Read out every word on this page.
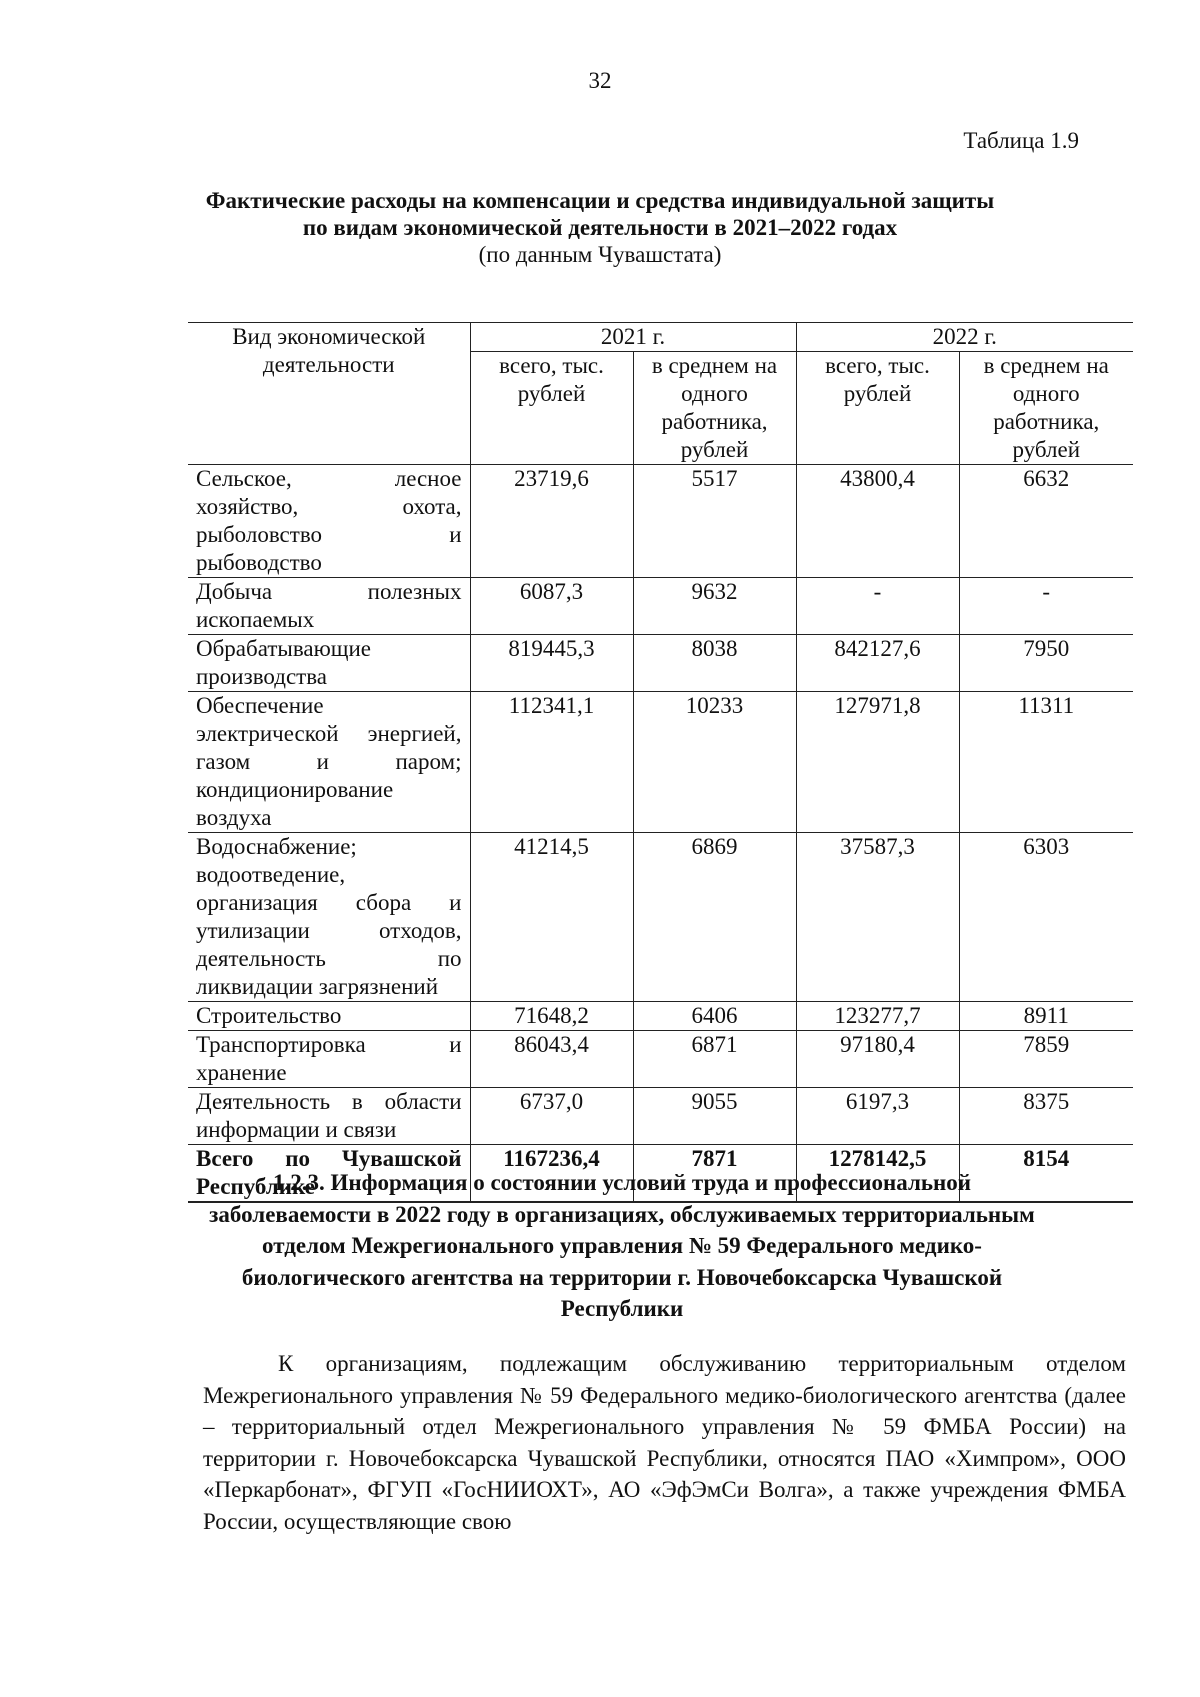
32
Таблица 1.9
Фактические расходы на компенсации и средства индивидуальной защиты
по видам экономической деятельности в 2021–2022 годах
(по данным Чувашстата)
Вид экономической деятельности	2021 г.		2022 г.	
	всего, тыс. рублей	в среднем на одного работника, рублей	всего, тыс. рублей	в среднем на одного работника, рублей
Сельское, лесное хозяйство, охота, рыболовство и рыбоводство	23719,6	5517	43800,4	6632
Добыча полезных ископаемых	6087,3	9632	-	-
Обрабатывающие производства	819445,3	8038	842127,6	7950
Обеспечение электрической энергией, газом и паром; кондиционирование воздуха	112341,1	10233	127971,8	11311
Водоснабжение; водоотведение, организация сбора и утилизации отходов, деятельность по ликвидации загрязнений	41214,5	6869	37587,3	6303
Строительство	71648,2	6406	123277,7	8911
Транспортировка и хранение	86043,4	6871	97180,4	7859
Деятельность в области информации и связи	6737,0	9055	6197,3	8375
Всего по Чувашской Республике	1167236,4	7871	1278142,5	8154
1.2.3. Информация о состоянии условий труда и профессиональной заболеваемости в 2022 году в организациях, обслуживаемых территориальным отделом Межрегионального управления № 59 Федерального медико-биологического агентства на территории г. Новочебоксарска Чувашской Республики
К организациям, подлежащим обслуживанию территориальным отделом Межрегионального управления № 59 Федерального медико-биологического агентства (далее – территориальный отдел Межрегионального управления № 59 ФМБА России) на территории г. Новочебоксарска Чувашской Республики, относятся ПАО «Химпром», ООО «Перкарбонат», ФГУП «ГосНИИОХТ», АО «ЭфЭмСи Волга», а также учреждения ФМБА России, осуществляющие свою
